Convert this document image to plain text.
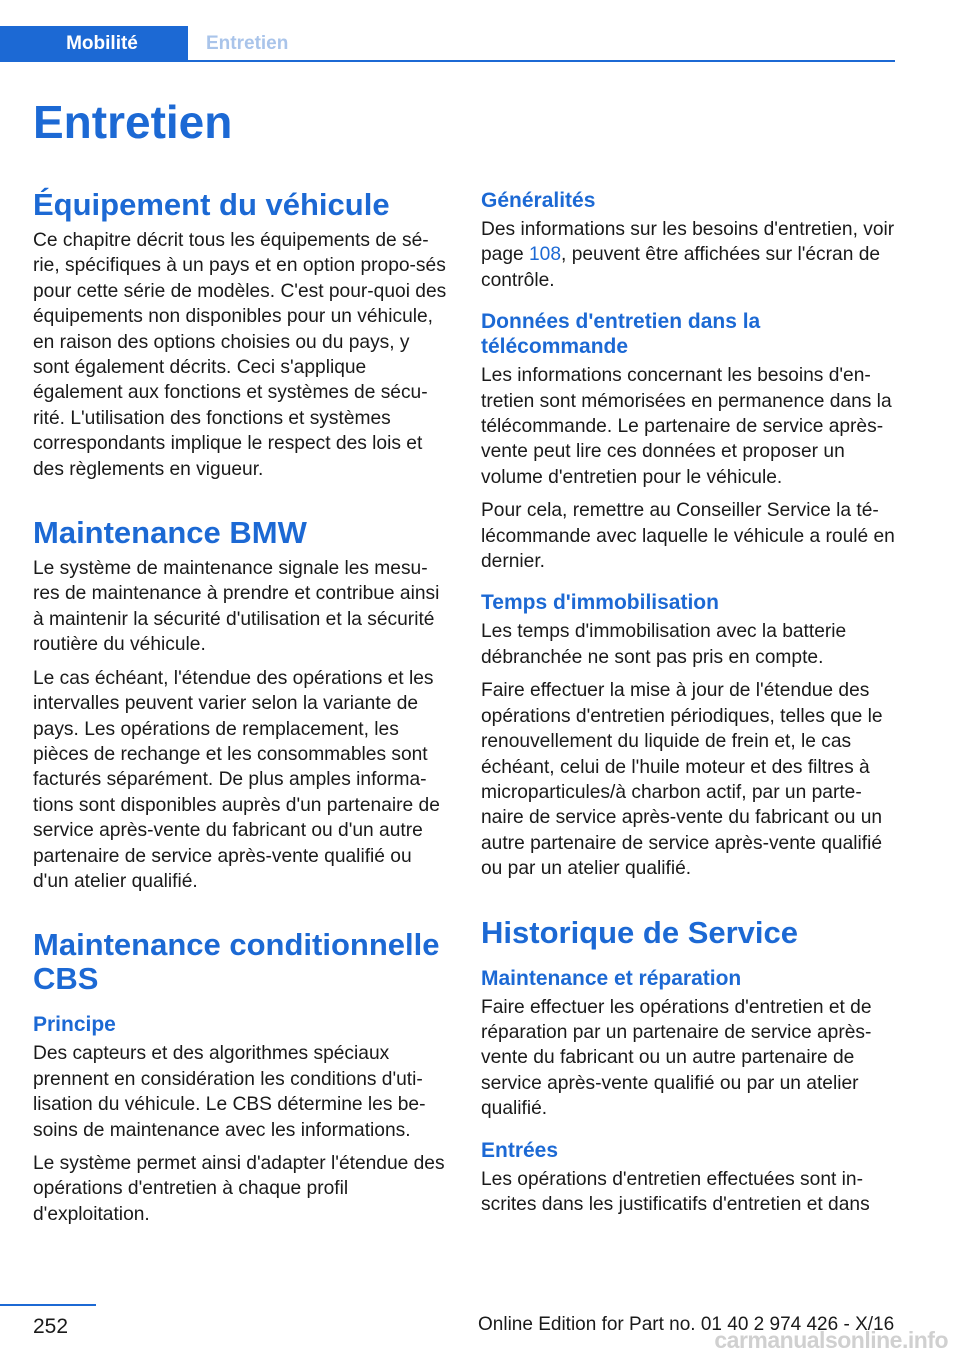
Mobilité	Entretien
Entretien
Équipement du véhicule

Ce chapitre décrit tous les équipements de sé‐rie, spécifiques à un pays et en option propo‐sés pour cette série de modèles. C'est pour‐quoi des équipements non disponibles pour un véhicule, en raison des options choisies ou du pays, y sont également décrits. Ceci s'applique également aux fonctions et systèmes de sécu‐rité. L'utilisation des fonctions et systèmes correspondants implique le respect des lois et des règlements en vigueur.

Maintenance BMW

Le système de maintenance signale les mesu‐res de maintenance à prendre et contribue ainsi à maintenir la sécurité d'utilisation et la sécurité routière du véhicule.

Le cas échéant, l'étendue des opérations et les intervalles peuvent varier selon la variante de pays. Les opérations de remplacement, les pièces de rechange et les consommables sont facturés séparément. De plus amples informa‐tions sont disponibles auprès d'un partenaire de service après-vente du fabricant ou d'un autre partenaire de service après-vente qualifié ou d'un atelier qualifié.

Maintenance conditionnelle CBS
Principe

Des capteurs et des algorithmes spéciaux prennent en considération les conditions d'uti‐lisation du véhicule. Le CBS détermine les be‐soins de maintenance avec les informations.

Le système permet ainsi d'adapter l'étendue des opérations d'entretien à chaque profil d'exploitation.

Généralités

Des informations sur les besoins d'entretien, voir page 108, peuvent être affichées sur l'écran de contrôle.

Données d'entretien dans la télécommande

Les informations concernant les besoins d'en‐tretien sont mémorisées en permanence dans la télécommande. Le partenaire de service après-vente peut lire ces données et proposer un volume d'entretien pour le véhicule.

Pour cela, remettre au Conseiller Service la té‐lécommande avec laquelle le véhicule a roulé en dernier.

Temps d'immobilisation

Les temps d'immobilisation avec la batterie débranchée ne sont pas pris en compte.

Faire effectuer la mise à jour de l'étendue des opérations d'entretien périodiques, telles que le renouvellement du liquide de frein et, le cas échéant, celui de l'huile moteur et des filtres à microparticules/à charbon actif, par un parte‐naire de service après-vente du fabricant ou un autre partenaire de service après-vente qualifié ou par un atelier qualifié.

Historique de Service
Maintenance et réparation

Faire effectuer les opérations d'entretien et de réparation par un partenaire de service après-vente du fabricant ou un autre partenaire de service après-vente qualifié ou par un atelier qualifié.

Entrées

Les opérations d'entretien effectuées sont in‐scrites dans les justificatifs d'entretien et dans

252	Online Edition for Part no. 01 40 2 974 426 - X/16
carmanualsonline.info
